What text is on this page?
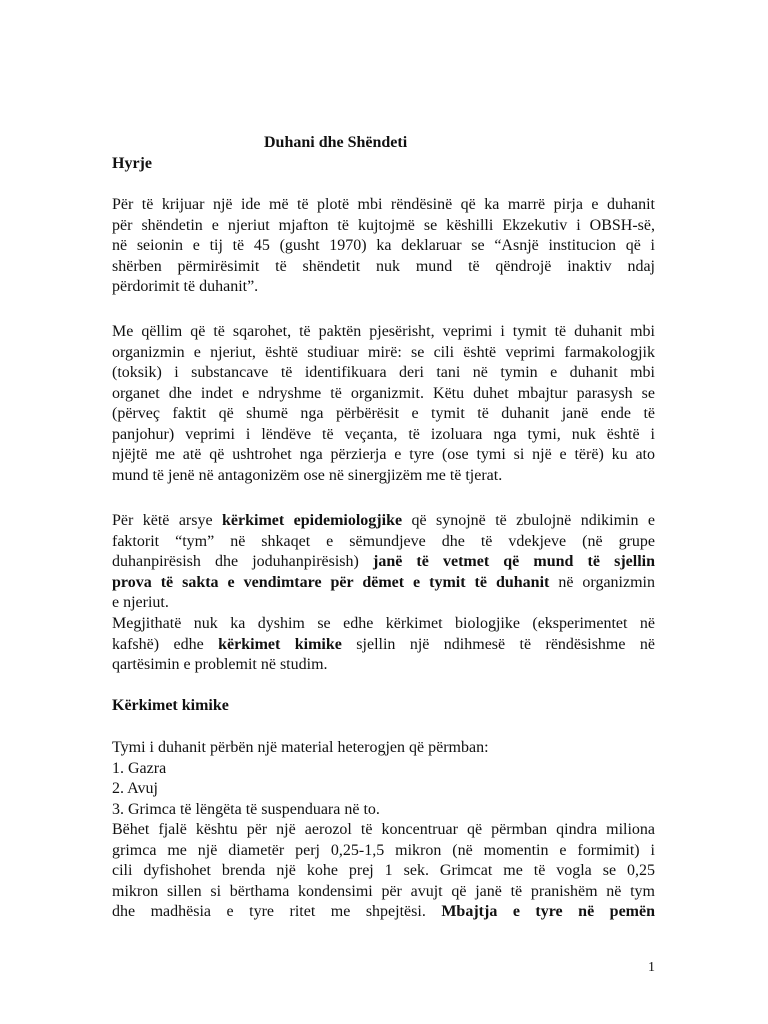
Duhani dhe Shëndeti
Hyrje
Për të krijuar një ide më të plotë mbi rëndësinë që ka marrë pirja e duhanit
për shëndetin e njeriut mjafton të kujtojmë se këshilli Ekzekutiv i OBSH-së,
në seionin e tij të 45 (gusht 1970) ka deklaruar se “Asnjë institucion që i
shërben përmirësimit të shëndetit nuk mund të qëndrojë inaktiv ndaj
përdorimit të duhanit”.
Me qëllim që të sqarohet, të paktën pjesërisht, veprimi i tymit të duhanit mbi
organizmin e njeriut, është studiuar mirë: se cili është veprimi farmakologjik
(toksik) i substancave të identifikuara deri tani në tymin e duhanit mbi
organet dhe indet e ndryshme të organizmit. Këtu duhet mbajtur parasysh se
(përveç faktit që shumë nga përbërësit e tymit të duhanit janë ende të
panjohur) veprimi i lëndëve të veçanta, të izoluara nga tymi, nuk është i
njëjtë me atë që ushtrohet nga përzierja e tyre (ose tymi si një e tërë) ku ato
mund të jenë në antagonizëm ose në sinergjizëm me të tjerat.
Për këtë arsye kërkimet epidemiologjike që synojnë të zbulojnë ndikimin e
faktorit “tym” në shkaqet e sëmundjeve dhe të vdekjeve (në grupe
duhanpirësish dhe joduhanpirësish) janë të vetmet që mund të sjellin
prova të sakta e vendimtare për dëmet e tymit të duhanit në organizmin
e njeriut.
Megjithatë nuk ka dyshim se edhe kërkimet biologjike (eksperimentet në
kafshë) edhe kërkimet kimike sjellin një ndihmesë të rëndësishme në
qartësimin e problemit në studim.
Kërkimet kimike
Tymi i duhanit përbën një material heterogjen që përmban:
1. Gazra
2. Avuj
3. Grimca të lëngëta të suspenduara në to.
Bëhet fjalë kështu për një aerozol të koncentruar që përmban qindra miliona
grimca me një diametër perj 0,25-1,5 mikron (në momentin e formimit) i
cili dyfishohet brenda një kohe prej 1 sek. Grimcat me të vogla se 0,25
mikron sillen si bërthama kondensimi për avujt që janë të pranishëm në tym
dhe madhësia e tyre ritet me shpejtësi. Mbajtja e tyre në pemën
1
